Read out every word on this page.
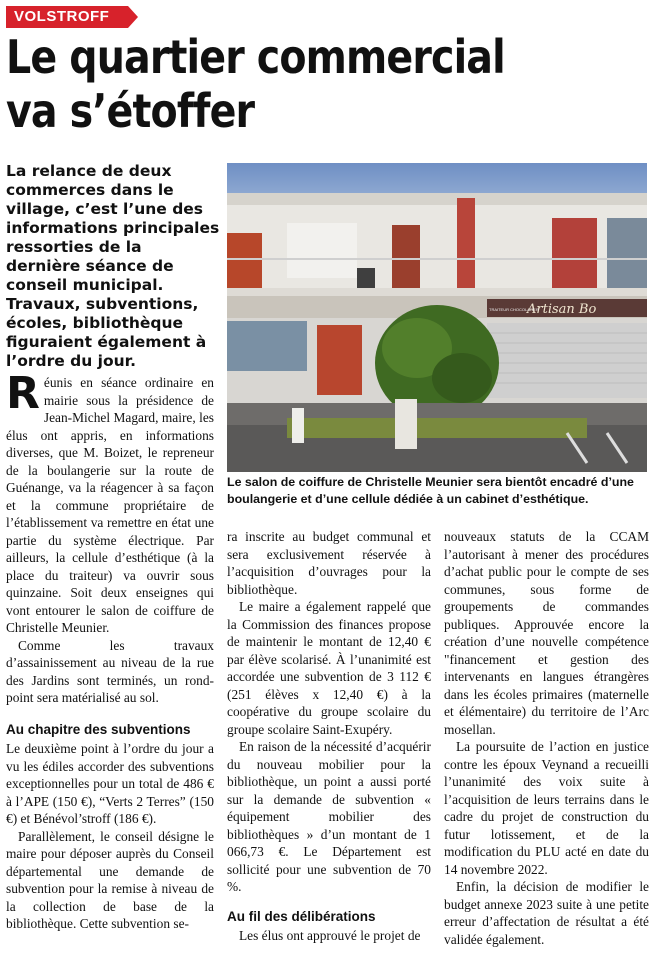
VOLSTROFF
Le quartier commercial va s’étoffer

La relance de deux commerces dans le village, c’est l’une des informations principales ressorties de la dernière séance de conseil municipal. Travaux, subventions, écoles, bibliothèque figuraient également à l’ordre du jour.

Artisan Bo
TRAITEUR CHOCOLATIER

Le salon de coiffure de Christelle Meunier sera bientôt encadré d’une boulangerie et d’une cellule dédiée à un cabinet d’esthétique.

Réunis en séance ordinaire en mairie sous la présidence de Jean-Michel Magard, maire, les élus ont appris, en informations diverses, que M. Boizet, le repreneur de la boulangerie sur la route de Guénange, va la réagencer à sa façon et la commune propriétaire de l’établissement va remettre en état une partie du système électrique. Par ailleurs, la cellule d’esthétique (à la place du traiteur) va ouvrir sous quinzaine. Soit deux enseignes qui vont entourer le salon de coiffure de Christelle Meunier.

Comme les travaux d’assainissement au niveau de la rue des Jardins sont terminés, un rond-point sera matérialisé au sol.

Au chapitre des subventions

Le deuxième point à l’ordre du jour a vu les édiles accorder des subventions exceptionnelles pour un total de 486 € à l’APE (150 €), “Verts 2 Terres” (150 €) et Bénévol’stroff (186 €).

Parallèlement, le conseil désigne le maire pour déposer auprès du Conseil départemental une demande de subvention pour la remise à niveau de la collection de base de la bibliothèque. Cette subvention se-

ra inscrite au budget communal et sera exclusivement réservée à l’acquisition d’ouvrages pour la bibliothèque.

Le maire a également rappelé que la Commission des finances propose de maintenir le montant de 12,40 € par élève scolarisé. À l’unanimité est accordée une subvention de 3 112 € (251 élèves x 12,40 €) à la coopérative du groupe scolaire du groupe scolaire Saint-Exupéry.

En raison de la nécessité d’acquérir du nouveau mobilier pour la bibliothèque, un point a aussi porté sur la demande de subvention « équipement mobilier des bibliothèques » d’un montant de 1 066,73 €. Le Département est sollicité pour une subvention de 70 %.

Au fil des délibérations

Les élus ont approuvé le projet de

nouveaux statuts de la CCAM l’autorisant à mener des procédures d’achat public pour le compte de ses communes, sous forme de groupements de commandes publiques. Approuvée encore la création d’une nouvelle compétence "financement et gestion des intervenants en langues étrangères dans les écoles primaires (maternelle et élémentaire) du territoire de l’Arc mosellan.

La poursuite de l’action en justice contre les époux Veynand a recueilli l’unanimité des voix suite à l’acquisition de leurs terrains dans le cadre du projet de construction du futur lotissement, et de la modification du PLU acté en date du 14 novembre 2022.

Enfin, la décision de modifier le budget annexe 2023 suite à une petite erreur d’affectation de résultat a été validée également.
